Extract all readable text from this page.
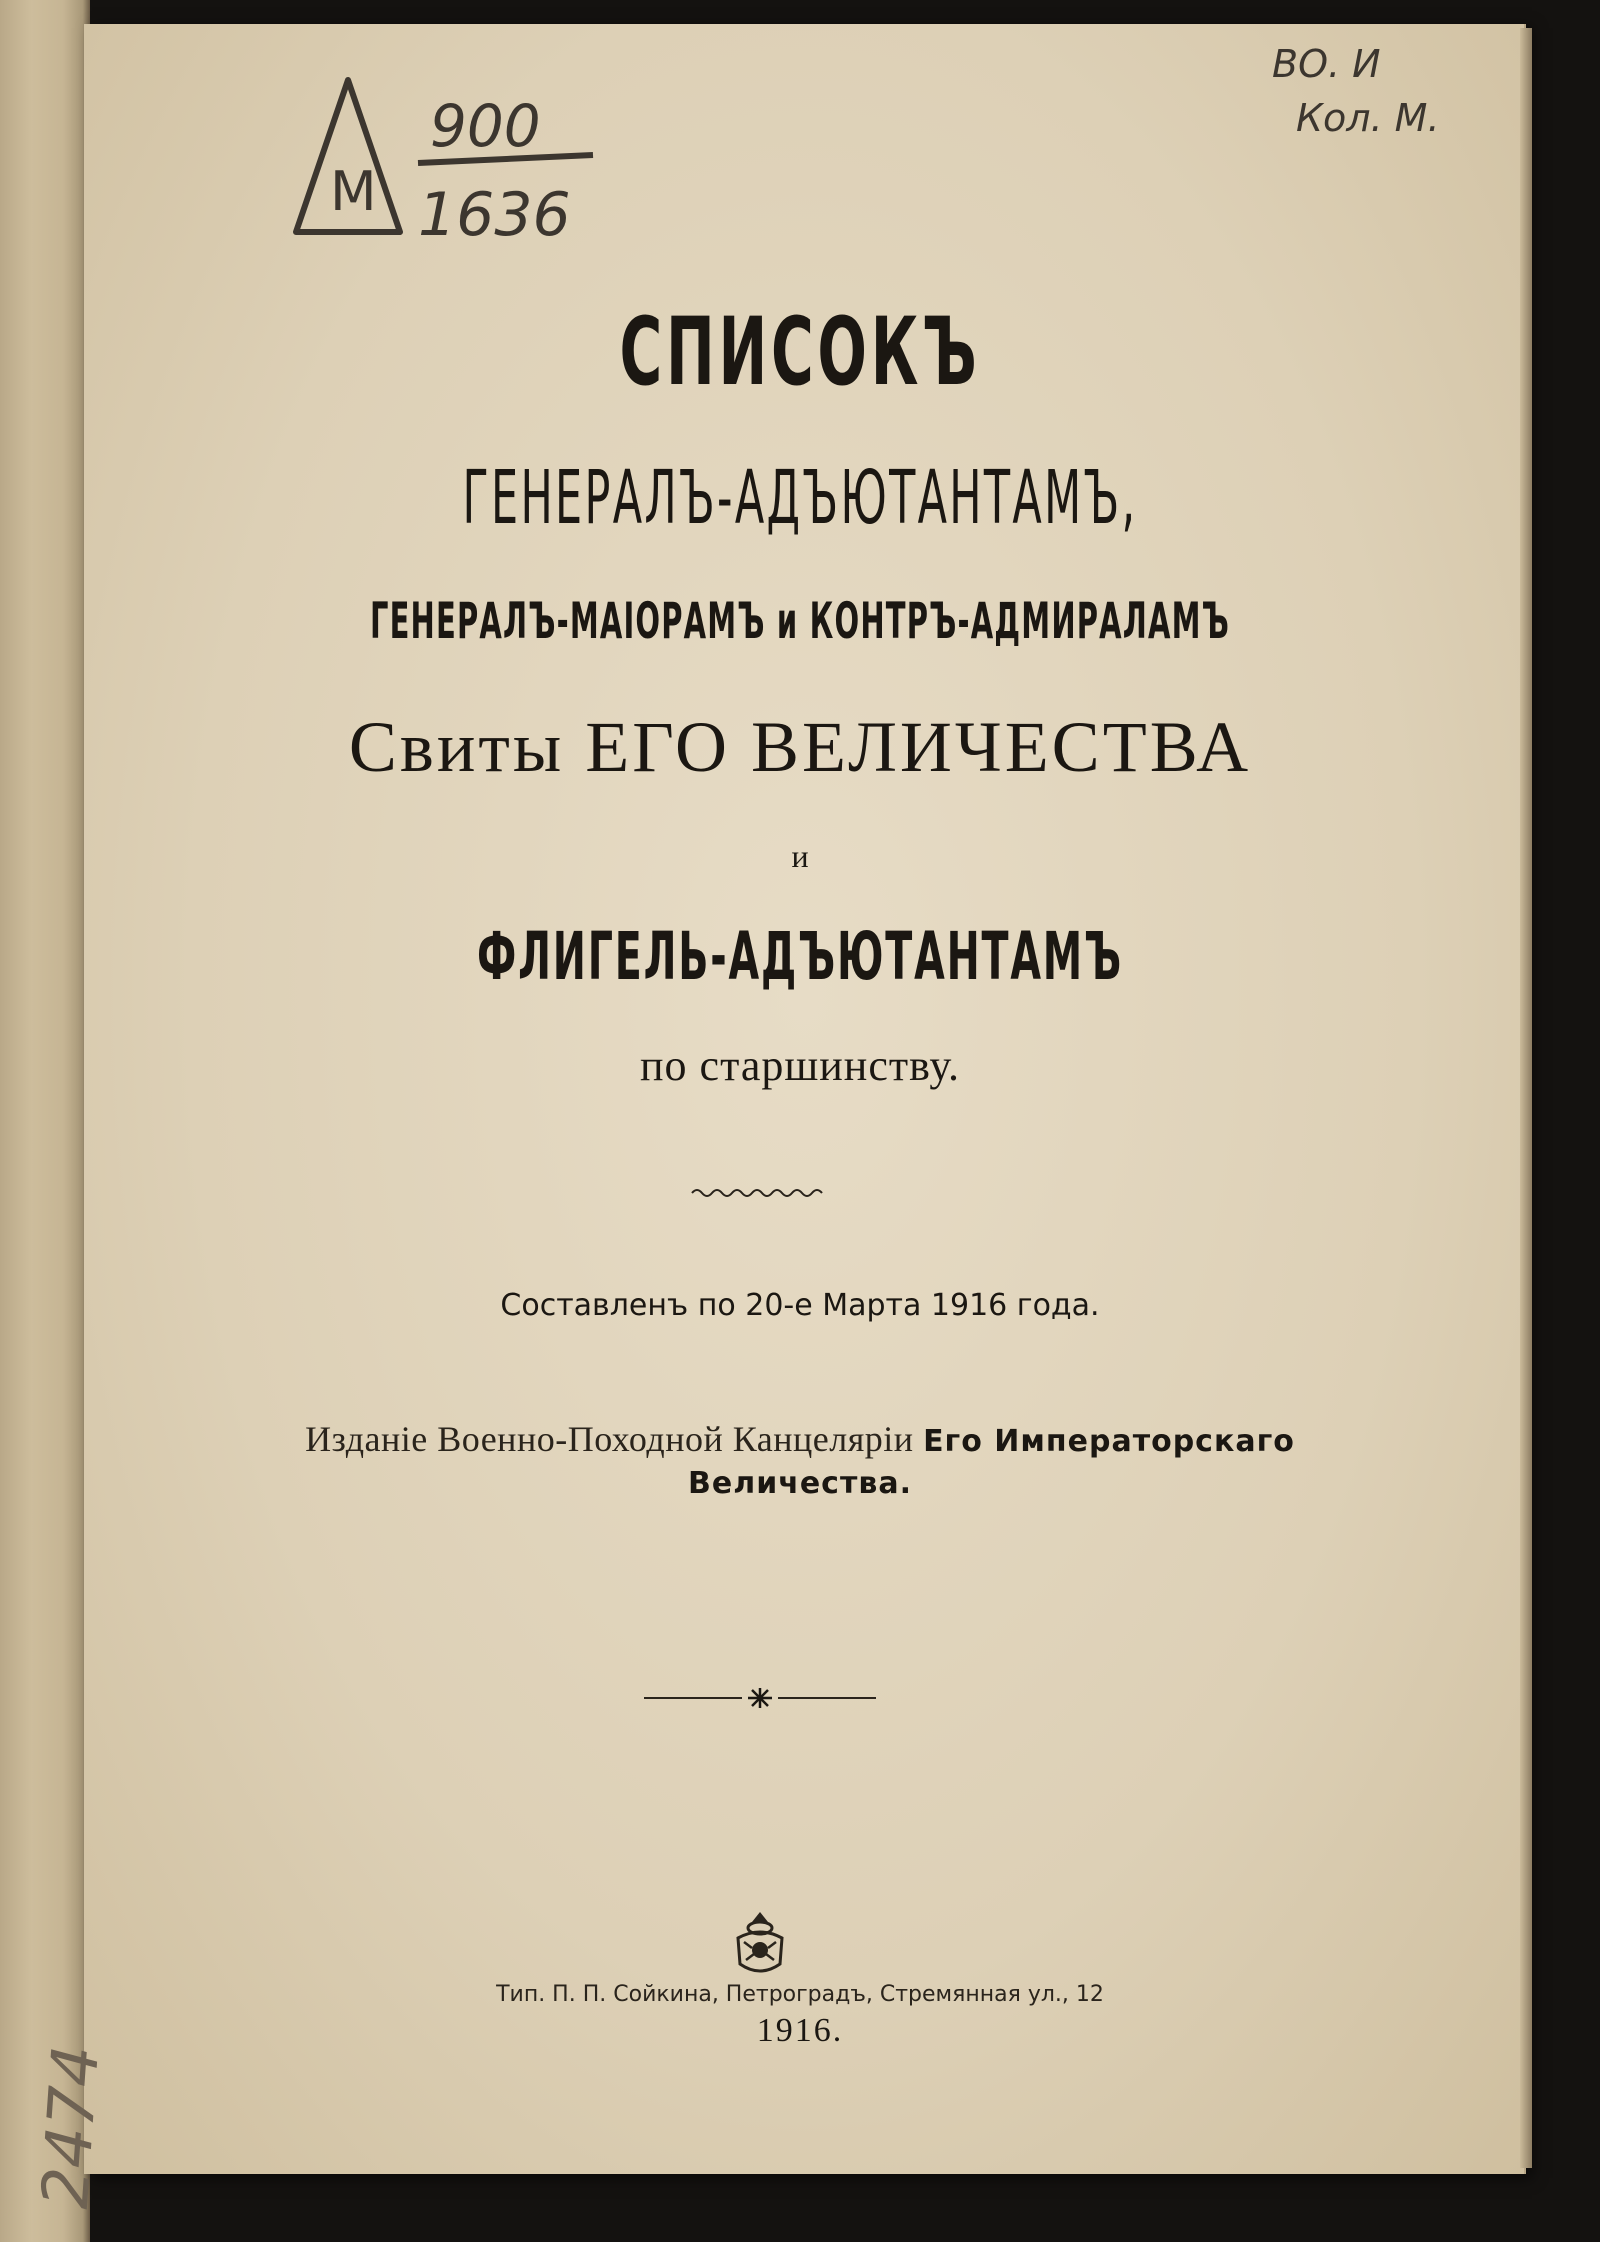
М
900
1636
ВО. И
Кол. М.
2474
СПИСОКЪ
ГЕНЕРАЛЪ-АДЪЮТАНТАМЪ,
ГЕНЕРАЛЪ-МАІОРАМЪ и КОНТРЪ-АДМИРАЛАМЪ
Свиты ЕГО ВЕЛИЧЕСТВА
и
ФЛИГЕЛЬ-АДЪЮТАНТАМЪ
по старшинству.
Составленъ по 20-е Марта 1916 года.
Изданіе Военно-Походной Канцеляріи Его Императорскаго
Величества.
Тип. П. П. Сойкина, Петроградъ, Стремянная ул., 12
1916.
